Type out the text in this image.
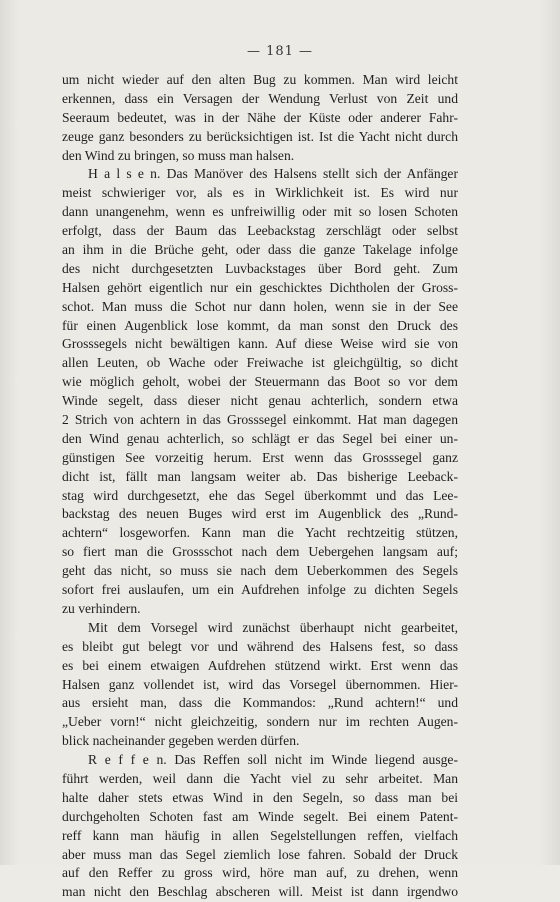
— 181 —
um nicht wieder auf den alten Bug zu kommen. Man wird leicht
erkennen, dass ein Versagen der Wendung Verlust von Zeit und
Seeraum bedeutet, was in der Nähe der Küste oder anderer Fahr-
zeuge ganz besonders zu berücksichtigen ist. Ist die Yacht nicht durch
den Wind zu bringen, so muss man halsen.
H a l s e n. Das Manöver des Halsens stellt sich der Anfänger
meist schwieriger vor, als es in Wirklichkeit ist. Es wird nur
dann unangenehm, wenn es unfreiwillig oder mit so losen Schoten
erfolgt, dass der Baum das Leebackstag zerschlägt oder selbst
an ihm in die Brüche geht, oder dass die ganze Takelage infolge
des nicht durchgesetzten Luvbackstages über Bord geht. Zum
Halsen gehört eigentlich nur ein geschicktes Dichtholen der Gross-
schot. Man muss die Schot nur dann holen, wenn sie in der See
für einen Augenblick lose kommt, da man sonst den Druck des
Grosssegels nicht bewältigen kann. Auf diese Weise wird sie von
allen Leuten, ob Wache oder Freiwache ist gleichgültig, so dicht
wie möglich geholt, wobei der Steuermann das Boot so vor dem
Winde segelt, dass dieser nicht genau achterlich, sondern etwa
2 Strich von achtern in das Grosssegel einkommt. Hat man dagegen
den Wind genau achterlich, so schlägt er das Segel bei einer un-
günstigen See vorzeitig herum. Erst wenn das Grosssegel ganz
dicht ist, fällt man langsam weiter ab. Das bisherige Leeback-
stag wird durchgesetzt, ehe das Segel überkommt und das Lee-
backstag des neuen Buges wird erst im Augenblick des „Rund-
achtern“ losgeworfen. Kann man die Yacht rechtzeitig stützen,
so fiert man die Grossschot nach dem Uebergehen langsam auf;
geht das nicht, so muss sie nach dem Ueberkommen des Segels
sofort frei auslaufen, um ein Aufdrehen infolge zu dichten Segels
zu verhindern.
Mit dem Vorsegel wird zunächst überhaupt nicht gearbeitet,
es bleibt gut belegt vor und während des Halsens fest, so dass
es bei einem etwaigen Aufdrehen stützend wirkt. Erst wenn das
Halsen ganz vollendet ist, wird das Vorsegel übernommen. Hier-
aus ersieht man, dass die Kommandos: „Rund achtern!“ und
„Ueber vorn!“ nicht gleichzeitig, sondern nur im rechten Augen-
blick nacheinander gegeben werden dürfen.
R e f f e n. Das Reffen soll nicht im Winde liegend ausge-
führt werden, weil dann die Yacht viel zu sehr arbeitet. Man
halte daher stets etwas Wind in den Segeln, so dass man bei
durchgeholten Schoten fast am Winde segelt. Bei einem Patent-
reff kann man häufig in allen Segelstellungen reffen, vielfach
aber muss man das Segel ziemlich lose fahren. Sobald der Druck
auf den Reffer zu gross wird, höre man auf, zu drehen, wenn
man nicht den Beschlag abscheren will. Meist ist dann irgendwo
